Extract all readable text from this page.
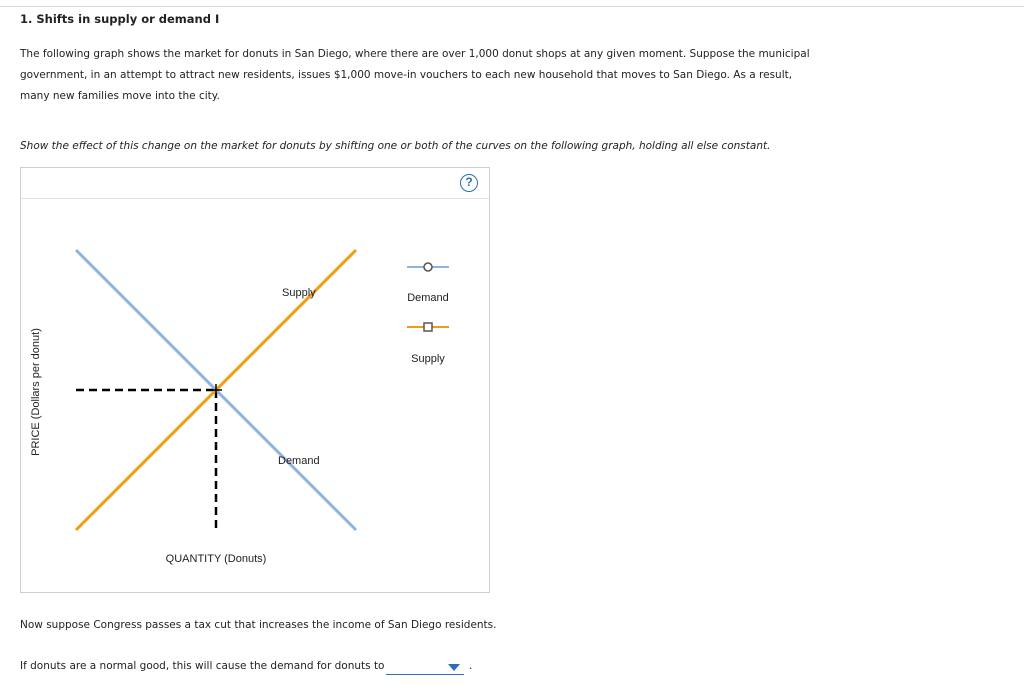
1. Shifts in supply or demand I
The following graph shows the market for donuts in San Diego, where there are over 1,000 donut shops at any given moment. Suppose the municipal government, in an attempt to attract new residents, issues $1,000 move-in vouchers to each new household that moves to San Diego. As a result, many new families move into the city.
Show the effect of this change on the market for donuts by shifting one or both of the curves on the following graph, holding all else constant.
?
PRICE (Dollars per donut)
QUANTITY (Donuts)
Supply
Demand
Demand
Supply
Now suppose Congress passes a tax cut that increases the income of San Diego residents.
If donuts are a normal good, this will cause the demand for donuts to	.
